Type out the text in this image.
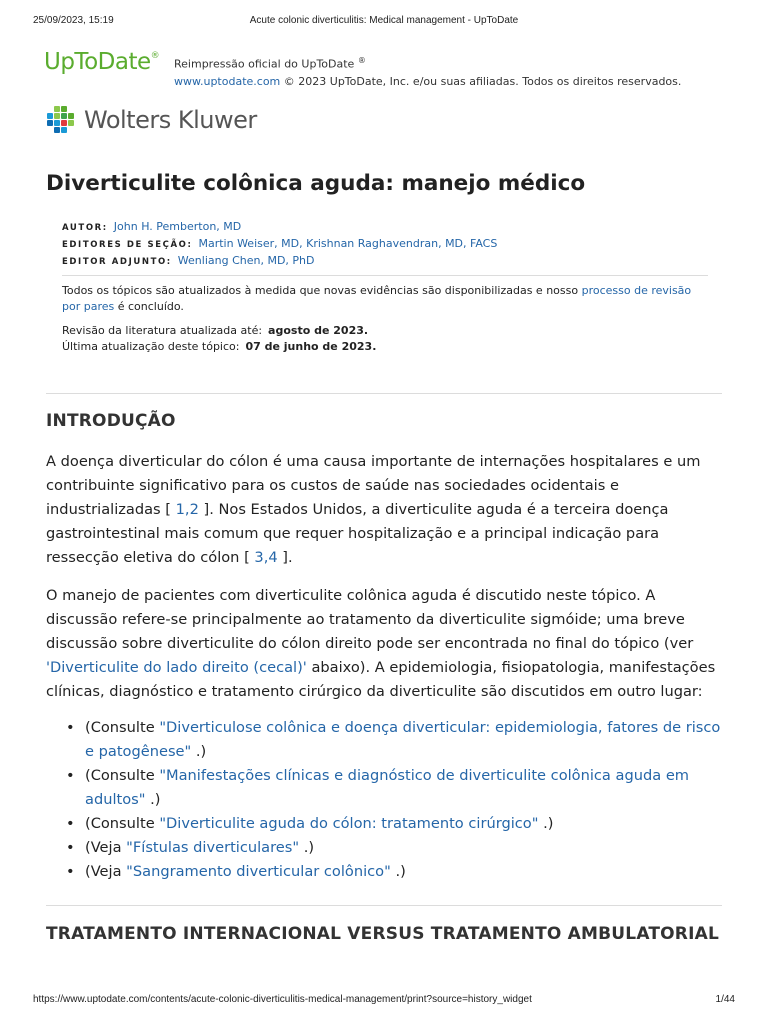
25/09/2023, 15:19	Acute colonic diverticulitis: Medical management - UpToDate
UpToDate®
Reimpressão oficial do UpToDate ®
www.uptodate.com © 2023 UpToDate, Inc. e/ou suas afiliadas. Todos os direitos reservados.
Wolters Kluwer
Diverticulite colônica aguda: manejo médico
AUTOR: John H. Pemberton, MD
EDITORES DE SEÇÃO: Martin Weiser, MD, Krishnan Raghavendran, MD, FACS
EDITOR ADJUNTO: Wenliang Chen, MD, PhD
Todos os tópicos são atualizados à medida que novas evidências são disponibilizadas e nosso processo de revisão por pares é concluído.
Revisão da literatura atualizada até: agosto de 2023.
Última atualização deste tópico: 07 de junho de 2023.
INTRODUÇÃO

A doença diverticular do cólon é uma causa importante de internações hospitalares e um contribuinte significativo para os custos de saúde nas sociedades ocidentais e industrializadas [ 1,2 ]. Nos Estados Unidos, a diverticulite aguda é a terceira doença gastrointestinal mais comum que requer hospitalização e a principal indicação para ressecção eletiva do cólon [ 3,4 ].

O manejo de pacientes com diverticulite colônica aguda é discutido neste tópico. A discussão refere-se principalmente ao tratamento da diverticulite sigmóide; uma breve discussão sobre diverticulite do cólon direito pode ser encontrada no final do tópico (ver 'Diverticulite do lado direito (cecal)' abaixo). A epidemiologia, fisiopatologia, manifestações clínicas, diagnóstico e tratamento cirúrgico da diverticulite são discutidos em outro lugar:

• (Consulte "Diverticulose colônica e doença diverticular: epidemiologia, fatores de risco e patogênese" .)
• (Consulte "Manifestações clínicas e diagnóstico de diverticulite colônica aguda em adultos" .)
• (Consulte "Diverticulite aguda do cólon: tratamento cirúrgico" .)
• (Veja "Fístulas diverticulares" .)
• (Veja "Sangramento diverticular colônico" .)
TRATAMENTO INTERNACIONAL VERSUS TRATAMENTO AMBULATORIAL
https://www.uptodate.com/contents/acute-colonic-diverticulitis-medical-management/print?source=history_widget	1/44
